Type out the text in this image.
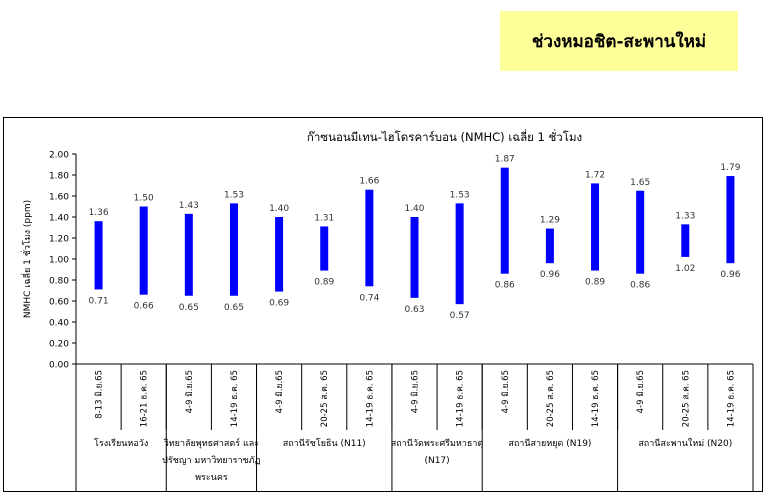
ช่วงหมอชิต-สะพานใหม่
ก๊าซนอนมีเทน-ไฮโดรคาร์บอน (NMHC) เฉลี่ย 1 ชั่วโมง
NMHC เฉลี่ย 1 ชั่วโมง (ppm)
0.00
0.20
0.40
0.60
0.80
1.00
1.20
1.40
1.60
1.80
2.00
1.36
0.71
8-13 มิ.ย.65
1.50
0.66
16-21 ธ.ค. 65
1.43
0.65
4-9 มิ.ย.65
1.53
0.65
14-19 ธ.ค. 65
1.40
0.69
4-9 มิ.ย.65
1.31
0.89
20-25 ส.ค. 65
1.66
0.74
14-19 ธ.ค. 65
1.40
0.63
4-9 มิ.ย.65
1.53
0.57
14-19 ธ.ค. 65
1.87
0.86
4-9 มิ.ย.65
1.29
0.96
20-25 ส.ค. 65
1.72
0.89
14-19 ธ.ค. 65
1.65
0.86
4-9 มิ.ย.65
1.33
1.02
20-25 ส.ค. 65
1.79
0.96
14-19 ธ.ค. 65
โรงเรียนหอวัง วิทยาลัยพุทธศาสตร์ และ
ปรัชญา มหาวิทยาราชภัฏ
พระนคร
สถานีรัชโยธิน (N11)	สถานีวัดพระศรีมหาธาตุ
(N17)
สถานีสายหยุด (N19)	สถานีสะพานใหม่ (N20)
